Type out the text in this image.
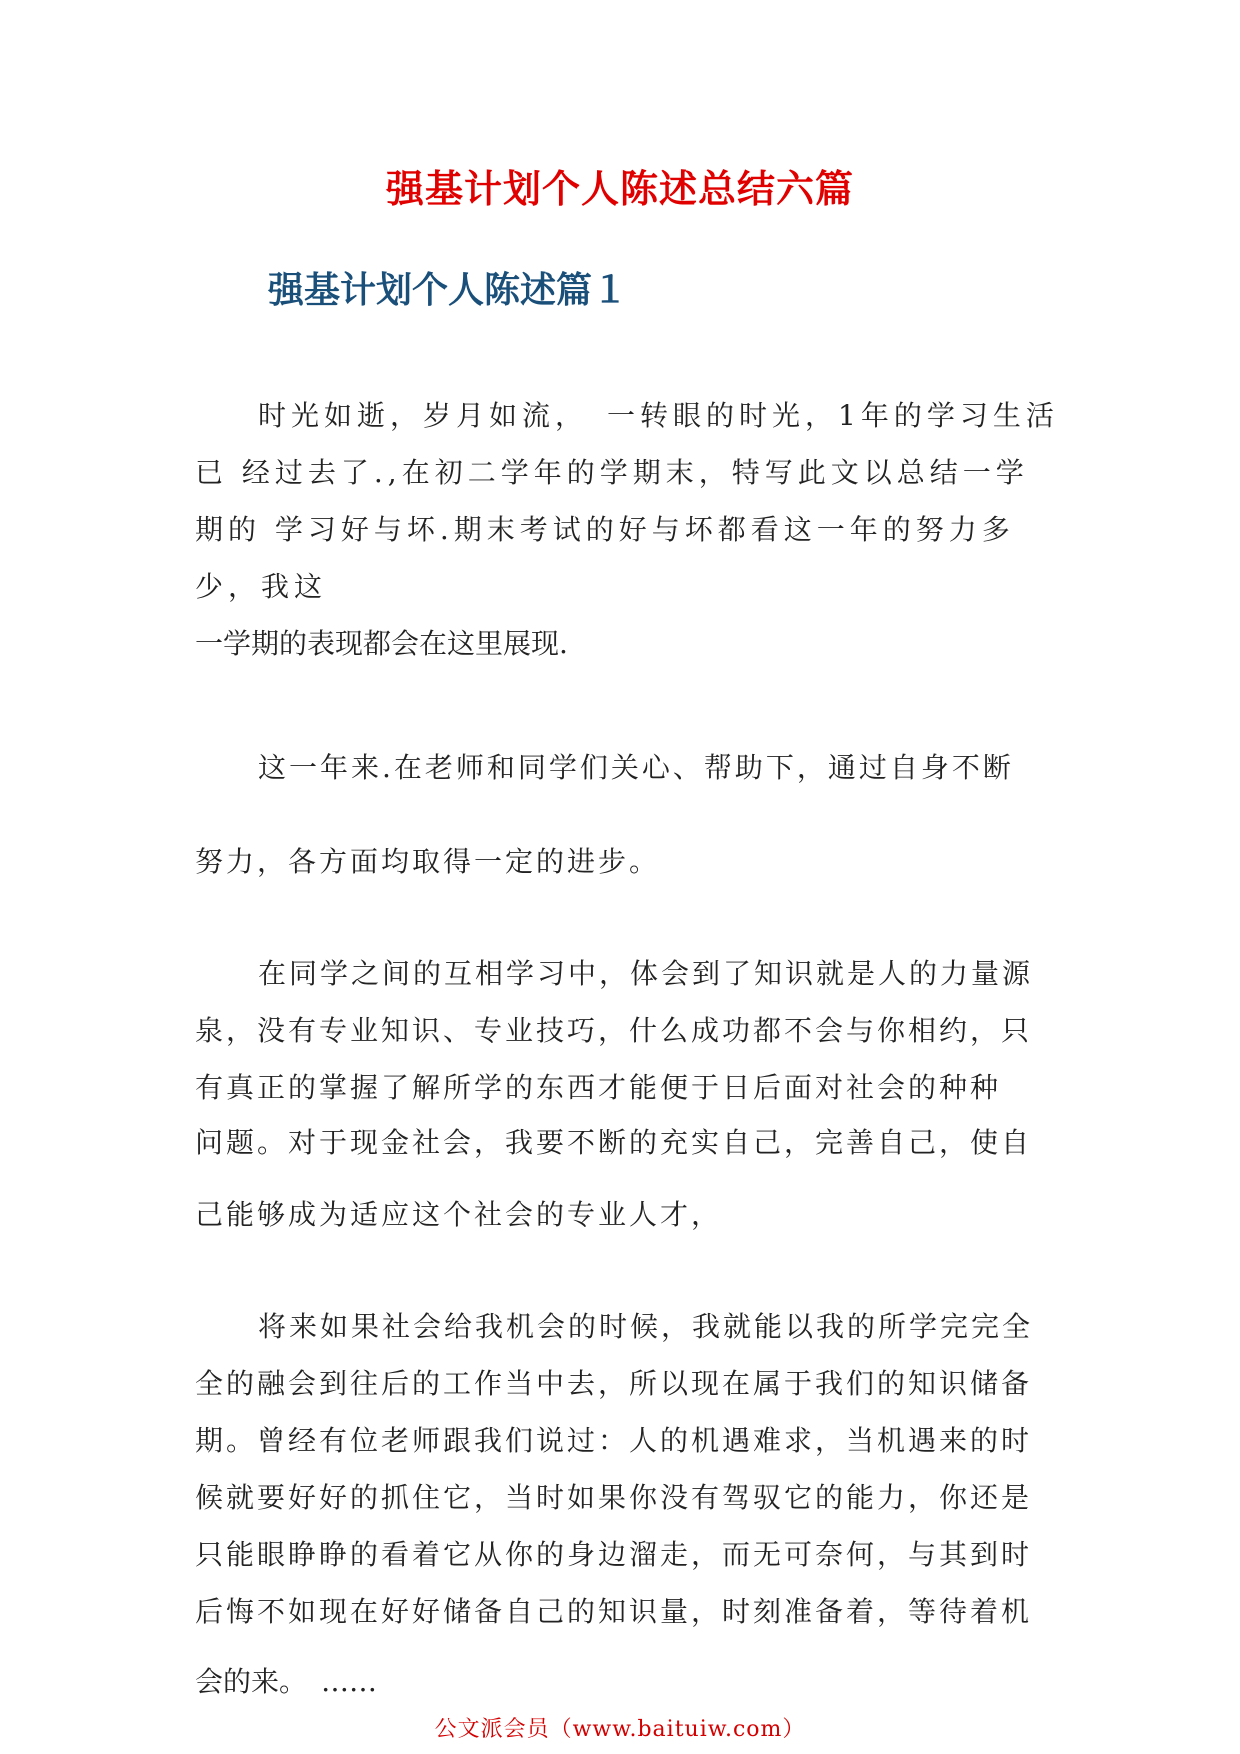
强基计划个人陈述总结六篇
强基计划个人陈述篇１
时光如逝，岁月如流，　一转眼的时光，1年的学习生活
已 经过去了.,在初二学年的学期末，特写此文以总结一学
期的 学习好与坏.期末考试的好与坏都看这一年的努力多
少，我这
一学期的表现都会在这里展现.
这一年来.在老师和同学们关心、帮助下，通过自身不断
努力，各方面均取得一定的进步。
在同学之间的互相学习中，体会到了知识就是人的力量源
泉，没有专业知识、专业技巧，什么成功都不会与你相约，只
有真正的掌握了解所学的东西才能便于日后面对社会的种种
问题。对于现金社会，我要不断的充实自己，完善自己，使自
己能够成为适应这个社会的专业人才，
将来如果社会给我机会的时候，我就能以我的所学完完全
全的融会到往后的工作当中去，所以现在属于我们的知识储备
期。曾经有位老师跟我们说过：人的机遇难求，当机遇来的时
候就要好好的抓住它，当时如果你没有驾驭它的能力，你还是
只能眼睁睁的看着它从你的身边溜走，而无可奈何，与其到时
后悔不如现在好好储备自己的知识量，时刻准备着，等待着机
会的来。　……
公文派会员（www.baituiw.com）
